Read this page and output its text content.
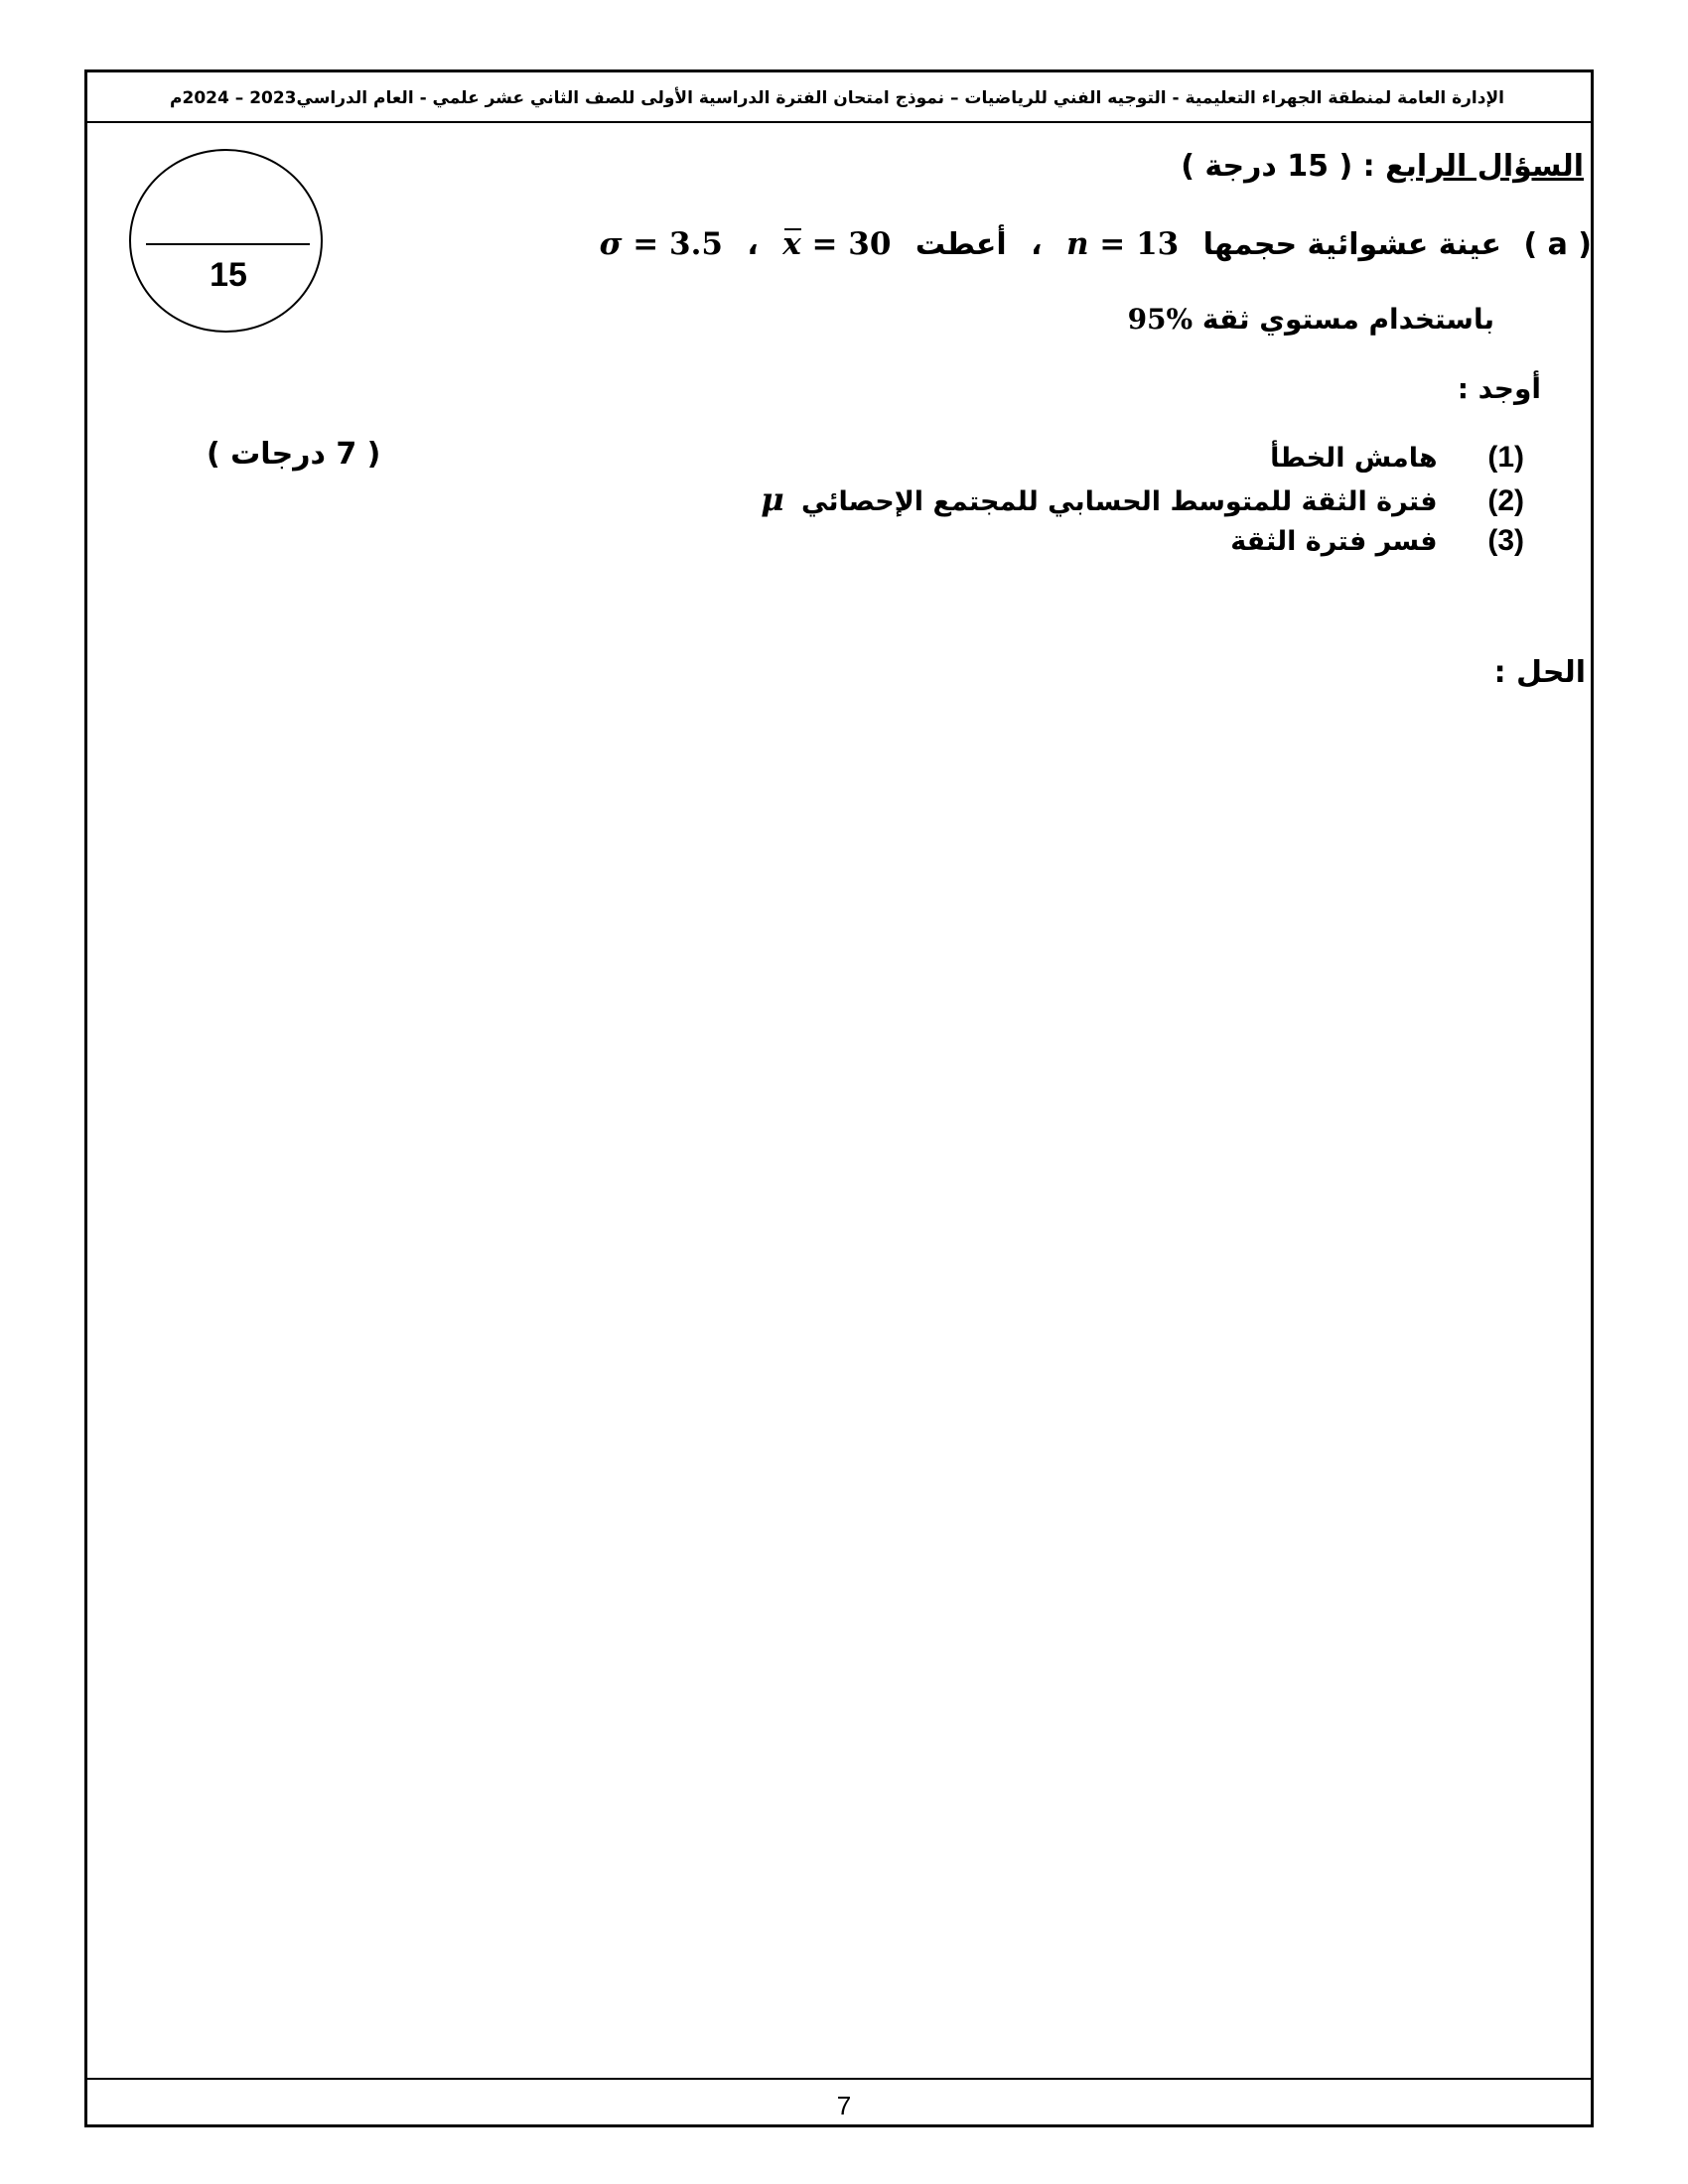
الإدارة العامة لمنطقة الجهراء التعليمية - التوجيه الفني للرياضيات – نموذج امتحان الفترة الدراسية الأولى للصف الثاني عشر علمي - العام الدراسي2023 – 2024م
15
السؤال الرابع : ( 15 درجة )
( a ) عينة عشوائية حجمها n = 13 ، أعطت x = 30 ، σ = 3.5
باستخدام مستوي ثقة 95%
أوجد :
(1) هامش الخطأ
(2) فترة الثقة للمتوسط الحسابي للمجتمع الإحصائي μ
(3) فسر فترة الثقة
( 7 درجات )
الحل :
7
